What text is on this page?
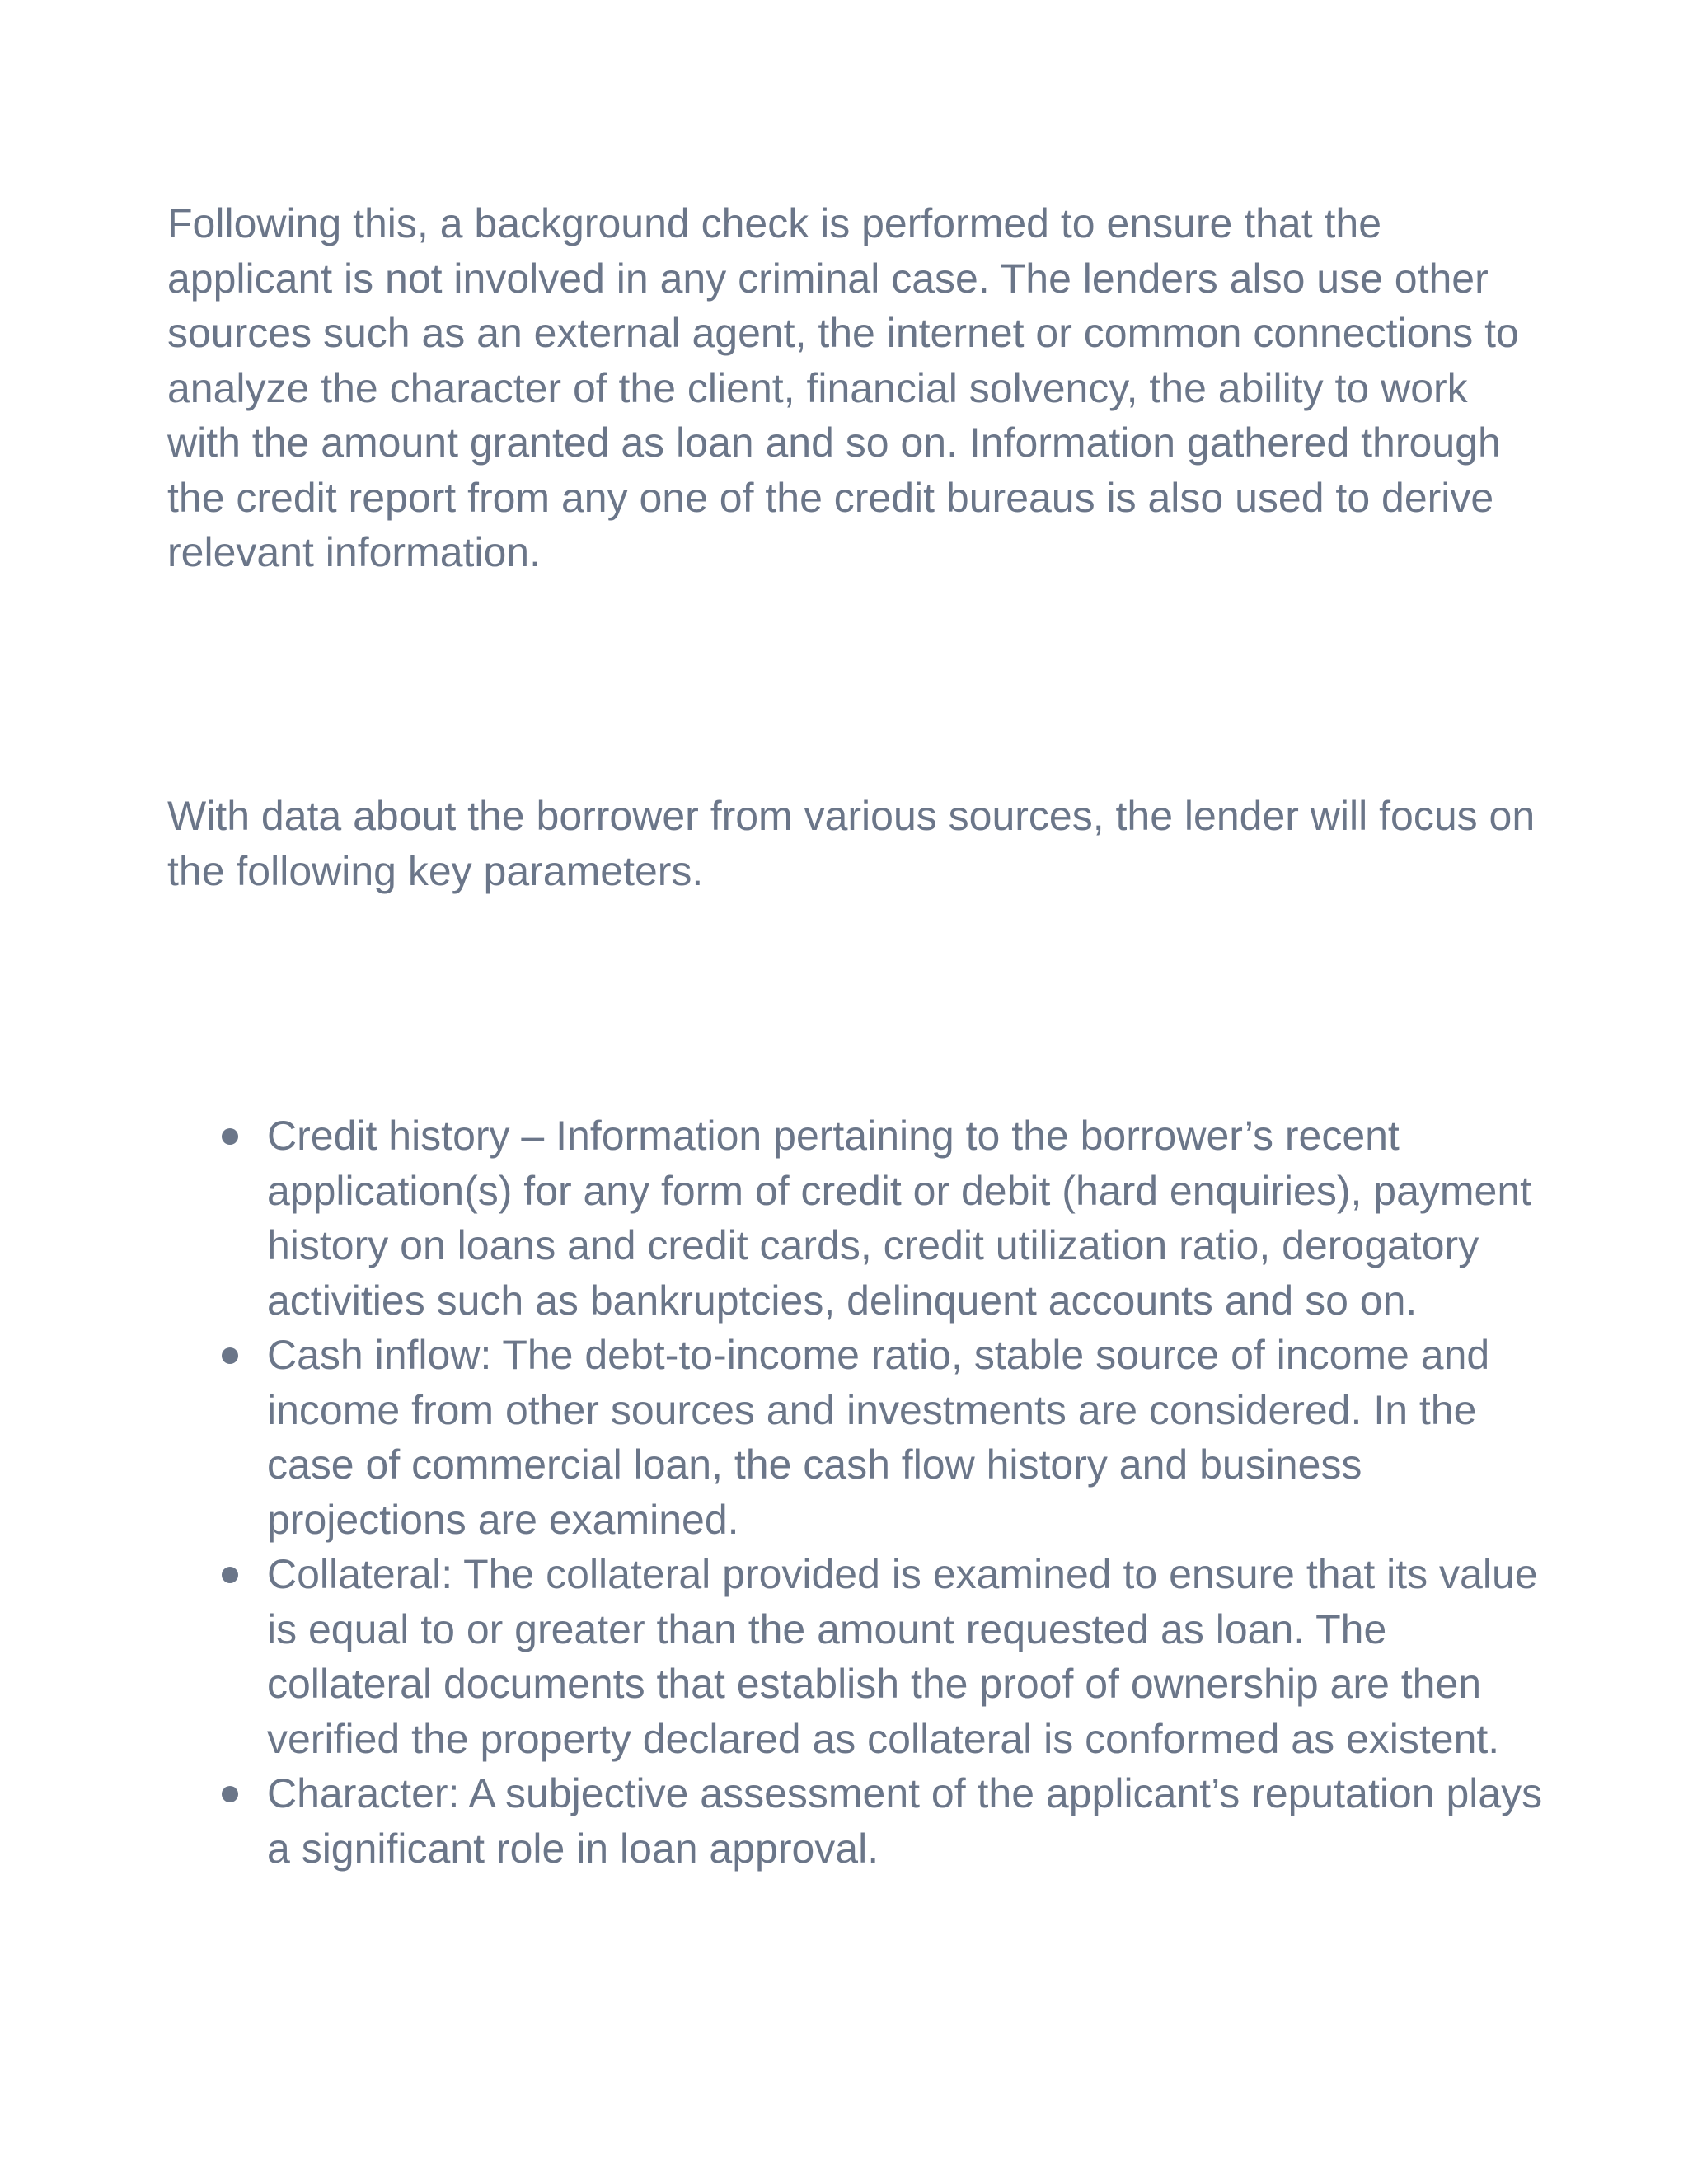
Following this, a background check is performed to ensure that the applicant is not involved in any criminal case. The lenders also use other sources such as an external agent, the internet or common connections to analyze the character of the client, financial solvency, the ability to work with the amount granted as loan and so on. Information gathered through the credit report from any one of the credit bureaus is also used to derive relevant information.

With data about the borrower from various sources, the lender will focus on the following key parameters.

Credit history – Information pertaining to the borrower’s recent application(s) for any form of credit or debit (hard enquiries), payment history on loans and credit cards, credit utilization ratio, derogatory activities such as bankruptcies, delinquent accounts and so on.
Cash inflow: The debt-to-income ratio, stable source of income and income from other sources and investments are considered. In the case of commercial loan, the cash flow history and business projections are examined.
Collateral: The collateral provided is examined to ensure that its value is equal to or greater than the amount requested as loan. The collateral documents that establish the proof of ownership are then verified the property declared as collateral is conformed as existent.
Character: A subjective assessment of the applicant’s reputation plays a significant role in loan approval.
